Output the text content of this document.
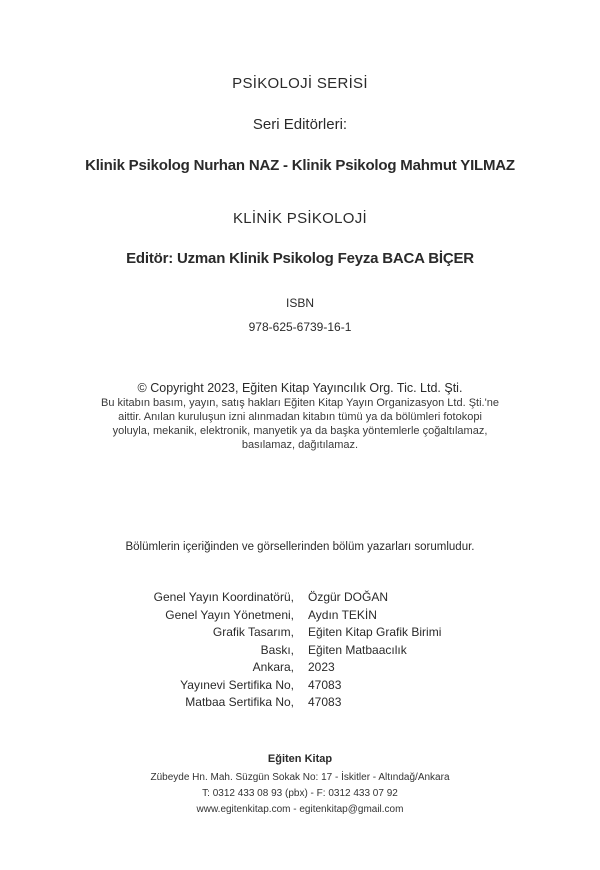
PSİKOLOJİ SERİSİ
Seri Editörleri:
Klinik Psikolog Nurhan NAZ - Klinik Psikolog Mahmut YILMAZ
KLİNİK PSİKOLOJİ
Editör: Uzman Klinik Psikolog Feyza BACA BİÇER
ISBN
978-625-6739-16-1
© Copyright 2023, Eğiten Kitap Yayıncılık Org. Tic. Ltd. Şti.
Bu kitabın basım, yayın, satış hakları Eğiten Kitap Yayın Organizasyon Ltd. Şti.'ne
aittir. Anılan kuruluşun izni alınmadan kitabın tümü ya da bölümleri fotokopi
yoluyla, mekanik, elektronik, manyetik ya da başka yöntemlerle çoğaltılamaz,
basılamaz, dağıtılamaz.
Bölümlerin içeriğinden ve görsellerinden bölüm yazarları sorumludur.
Genel Yayın Koordinatörü, Özgür DOĞAN
Genel Yayın Yönetmeni, Aydın TEKİN
Grafik Tasarım, Eğiten Kitap Grafik Birimi
Baskı, Eğiten Matbaacılık
Ankara, 2023
Yayınevi Sertifika No, 47083
Matbaa Sertifika No, 47083
Eğiten Kitap
Zübeyde Hn. Mah. Süzgün Sokak No: 17 - İskitler - Altındağ/Ankara
T: 0312 433 08 93 (pbx) - F: 0312 433 07 92
www.egitenkitap.com - egitenkitap@gmail.com
